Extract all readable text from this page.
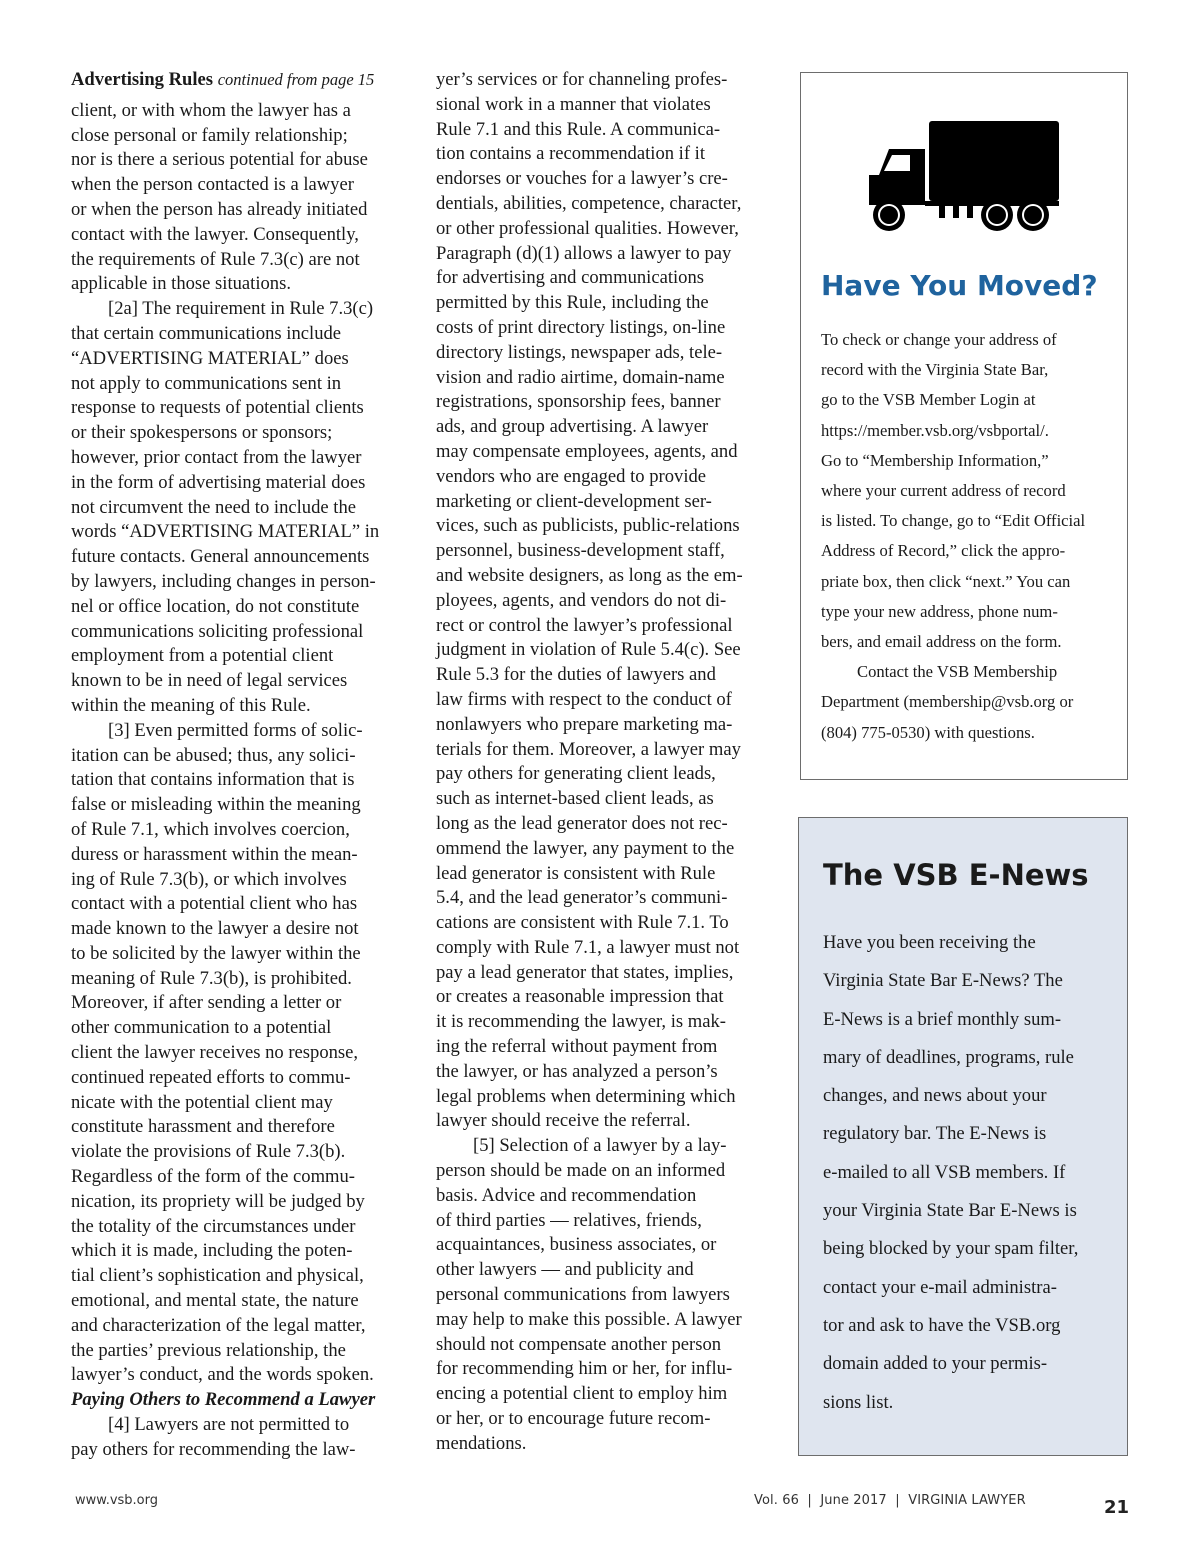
Advertising Rules continued from page 15

client, or with whom the lawyer has a
close personal or family relationship;
nor is there a serious potential for abuse
when the person contacted is a lawyer
or when the person has already initiated
contact with the lawyer. Consequently,
the requirements of Rule 7.3(c) are not
applicable in those situations.

[2a] The requirement in Rule 7.3(c)
that certain communications include
“ADVERTISING MATERIAL” does
not apply to communications sent in
response to requests of potential clients
or their spokespersons or sponsors;
however, prior contact from the lawyer
in the form of advertising material does
not circumvent the need to include the
words “ADVERTISING MATERIAL” in
future contacts. General announcements
by lawyers, including changes in person-
nel or office location, do not constitute
communications soliciting professional
employment from a potential client
known to be in need of legal services
within the meaning of this Rule.

[3] Even permitted forms of solic-
itation can be abused; thus, any solici-
tation that contains information that is
false or misleading within the meaning
of Rule 7.1, which involves coercion,
duress or harassment within the mean-
ing of Rule 7.3(b), or which involves
contact with a potential client who has
made known to the lawyer a desire not
to be solicited by the lawyer within the
meaning of Rule 7.3(b), is prohibited.
Moreover, if after sending a letter or
other communication to a potential
client the lawyer receives no response,
continued repeated efforts to commu-
nicate with the potential client may
constitute harassment and therefore
violate the provisions of Rule 7.3(b).
Regardless of the form of the commu-
nication, its propriety will be judged by
the totality of the circumstances under
which it is made, including the poten-
tial client’s sophistication and physical,
emotional, and mental state, the nature
and characterization of the legal matter,
the parties’ previous relationship, the
lawyer’s conduct, and the words spoken.

Paying Others to Recommend a Lawyer
[4] Lawyers are not permitted to
pay others for recommending the law-

yer’s services or for channeling profes-
sional work in a manner that violates
Rule 7.1 and this Rule. A communica-
tion contains a recommendation if it
endorses or vouches for a lawyer’s cre-
dentials, abilities, competence, character,
or other professional qualities. However,
Paragraph (d)(1) allows a lawyer to pay
for advertising and communications
permitted by this Rule, including the
costs of print directory listings, on-line
directory listings, newspaper ads, tele-
vision and radio airtime, domain-name
registrations, sponsorship fees, banner
ads, and group advertising. A lawyer
may compensate employees, agents, and
vendors who are engaged to provide
marketing or client-development ser-
vices, such as publicists, public-relations
personnel, business-development staff,
and website designers, as long as the em-
ployees, agents, and vendors do not di-
rect or control the lawyer’s professional
judgment in violation of Rule 5.4(c). See
Rule 5.3 for the duties of lawyers and
law firms with respect to the conduct of
nonlawyers who prepare marketing ma-
terials for them. Moreover, a lawyer may
pay others for generating client leads,
such as internet-based client leads, as
long as the lead generator does not rec-
ommend the lawyer, any payment to the
lead generator is consistent with Rule
5.4, and the lead generator’s communi-
cations are consistent with Rule 7.1. To
comply with Rule 7.1, a lawyer must not
pay a lead generator that states, implies,
or creates a reasonable impression that
it is recommending the lawyer, is mak-
ing the referral without payment from
the lawyer, or has analyzed a person’s
legal problems when determining which
lawyer should receive the referral.

[5] Selection of a lawyer by a lay-
person should be made on an informed
basis. Advice and recommendation
of third parties — relatives, friends,
acquaintances, business associates, or
other lawyers — and publicity and
personal communications from lawyers
may help to make this possible. A lawyer
should not compensate another person
for recommending him or her, for influ-
encing a potential client to employ him
or her, or to encourage future recom-
mendations.

Have You Moved?
To check or change your address of
record with the Virginia State Bar,
go to the VSB Member Login at
https://member.vsb.org/vsbportal/.
Go to “Membership Information,”
where your current address of record
is listed. To change, go to “Edit Official
Address of Record,” click the appro-
priate box, then click “next.” You can
type your new address, phone num-
bers, and email address on the form.
Contact the VSB Membership
Department (membership@vsb.org or
(804) 775-0530) with questions.
The VSB E-News
Have you been receiving the
Virginia State Bar E-News? The
E-News is a brief monthly sum-
mary of deadlines, programs, rule
changes, and news about your
regulatory bar. The E-News is
e-mailed to all VSB members. If
your Virginia State Bar E-News is
being blocked by your spam filter,
contact your e-mail administra-
tor and ask to have the VSB.org
domain added to your permis-
sions list.
www.vsb.org	Vol. 66  |  June 2017  |  VIRGINIA LAWYER	21
